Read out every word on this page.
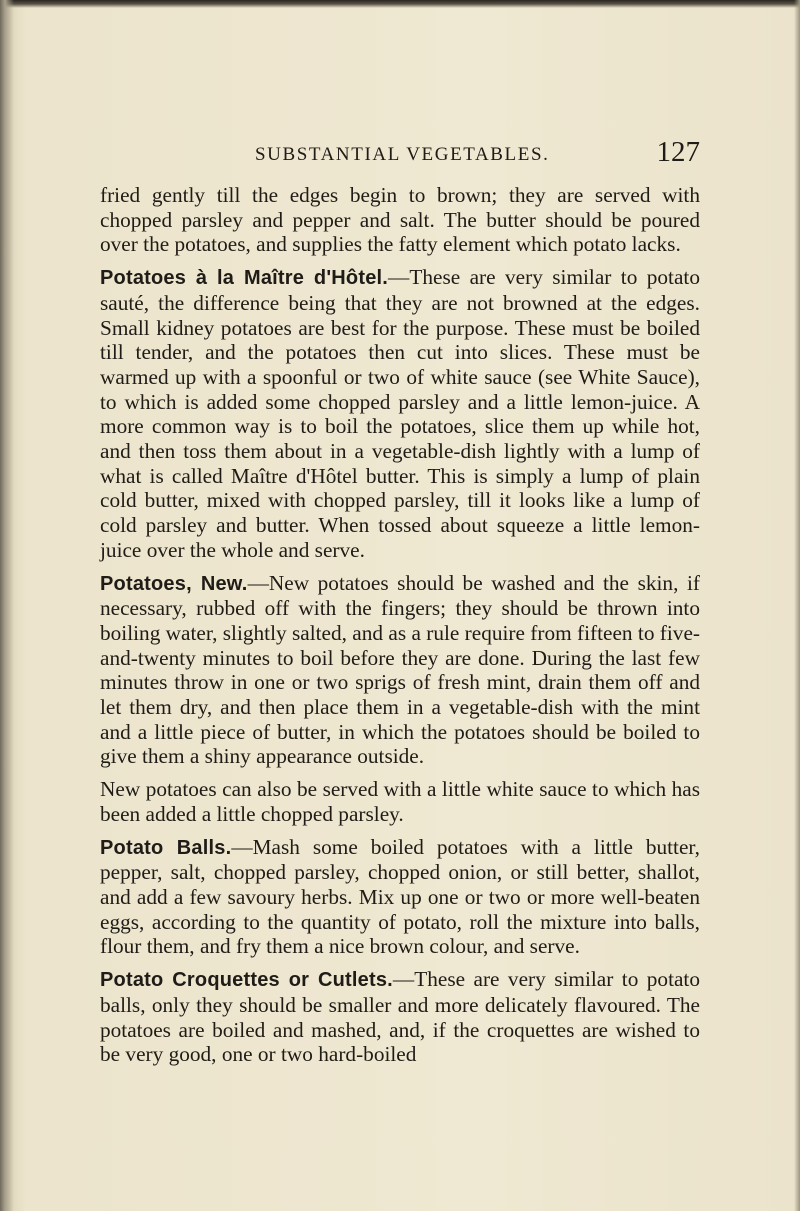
SUBSTANTIAL VEGETABLES.	127

fried gently till the edges begin to brown; they are served with chopped parsley and pepper and salt. The butter should be poured over the potatoes, and supplies the fatty element which potato lacks.

Potatoes à la Maître d'Hôtel.—These are very similar to potato sauté, the difference being that they are not browned at the edges. Small kidney potatoes are best for the purpose. These must be boiled till tender, and the potatoes then cut into slices. These must be warmed up with a spoonful or two of white sauce (see White Sauce), to which is added some chopped parsley and a little lemon-juice. A more common way is to boil the potatoes, slice them up while hot, and then toss them about in a vegetable-dish lightly with a lump of what is called Maître d'Hôtel butter. This is simply a lump of plain cold butter, mixed with chopped parsley, till it looks like a lump of cold parsley and butter. When tossed about squeeze a little lemon-juice over the whole and serve.

Potatoes, New.—New potatoes should be washed and the skin, if necessary, rubbed off with the fingers; they should be thrown into boiling water, slightly salted, and as a rule require from fifteen to five-and-twenty minutes to boil before they are done. During the last few minutes throw in one or two sprigs of fresh mint, drain them off and let them dry, and then place them in a vegetable-dish with the mint and a little piece of butter, in which the potatoes should be boiled to give them a shiny appearance outside.

New potatoes can also be served with a little white sauce to which has been added a little chopped parsley.

Potato Balls.—Mash some boiled potatoes with a little butter, pepper, salt, chopped parsley, chopped onion, or still better, shallot, and add a few savoury herbs. Mix up one or two or more well-beaten eggs, according to the quantity of potato, roll the mixture into balls, flour them, and fry them a nice brown colour, and serve.

Potato Croquettes or Cutlets.—These are very similar to potato balls, only they should be smaller and more delicately flavoured. The potatoes are boiled and mashed, and, if the croquettes are wished to be very good, one or two hard-boiled
